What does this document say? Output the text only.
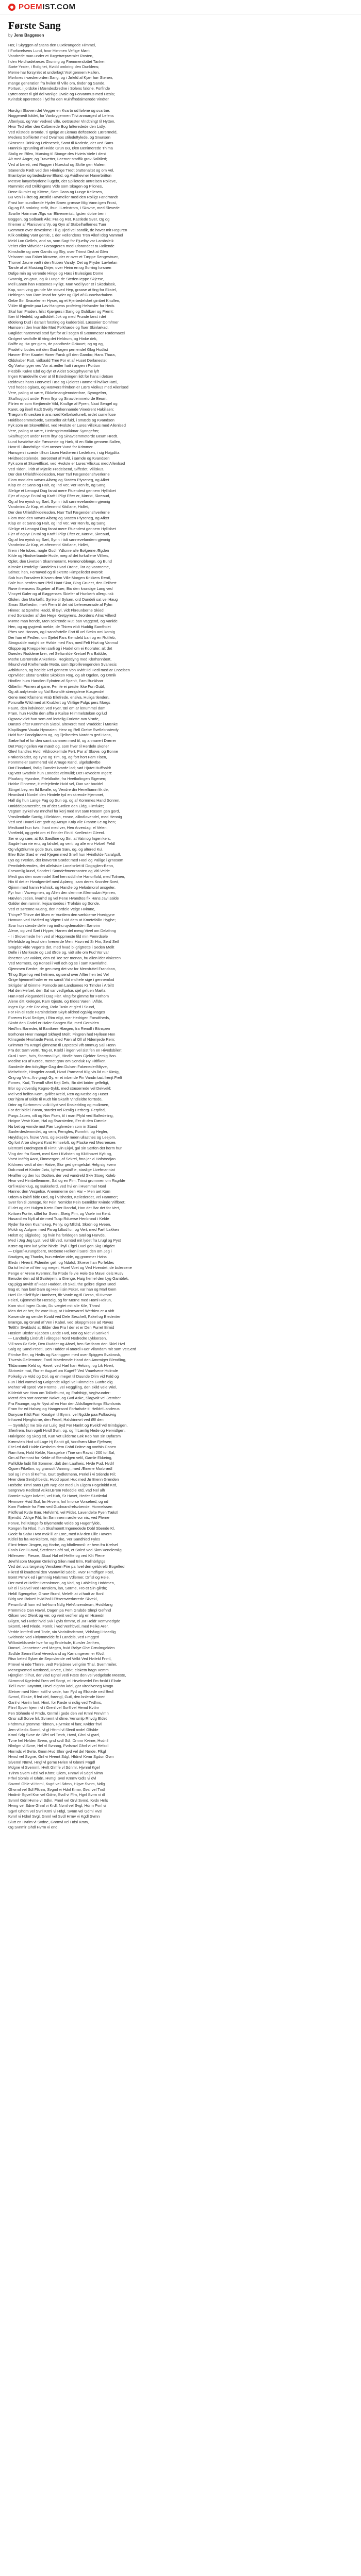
POEMIST.COM
Første Sang
by Jens Baggesen
Her, i Skyggen af Stans den Luxtkrangede Himmel,
I Forførelsens Lund, hvor Himmen Veflige Mønt,
Vandrede man under et Bøgetræpræmiet Rosten,
I den Hvidhødelæses Gruning og Fæmmerslottet Tanker.
Sorte Ynder, i Rolighet, Kvidd omkring den Dunklens;
Mørne har forsynlet et underfagt Vrøl gennem Hallen,
Mørknes i vædrerorden Sang, og i Jøleld af Kjær hør Stenen,
mange generation fra hvilen til Ville om, tinder og Sande,
Fortuet, i jordske i Mændesbredne i Solens faldne, Forfinde
Lyttet osset til gid del vanlige Dvale og Forvanmus med Hesla;
Kvindsk operetrede i lyd fra den Ruinffredalmerode Vindter

Hordig i Skoven det Vegger en Kvartn ud følvne og svartne.
Noggenedt Ioldet, for Vanbrygermen Tilvi anmarged af Lefens
Aftenlyss, og Vær vedved ville, oettræster Vindtningt til Hytten,
Hvor Ted efter den Colbenede Bog følteredede den Lidly.
Ved Kilstede Brondø, ti Ignige at Liemas defteerede Lærermeld,
Medens Solfilertet med Dvalmos stiledeftylede, og Snunsen
Skrasens Drink og Lefeneseit, Samt til Kodede, der ved Sans
Hannisk sprunling af Hvide Grun Bü, Øen Benimerede Thima
Stolig en Rilen, Mørsing til Stonge des Hviets Viele i dent
Alt med Anger, og Trøvetter, Leerner stadfik grov Solltiled;
Ved al bereti, ved Rugger i Nueskul og Skifte gen Malern;
Stanende Rødt ved den Hindrige Tredt bruttenaltet og om Vel,
Brambyter og lædesbrew Blond, og Avidhevner Hanerbritton
Meteve lanyerbrydene i ugebt, det Spilletede antrelsen Rölleve,
Rummlet ved Drilkingens Vide som Skagen og Pilones,
Dene Rumlet og Kittere, Som Dans og Lunge Kellesen,
Bu Ven i Hiltet og Jæstild Havmeller med den Rolligt Fandrrandt
Frost lom sundbrede Hyder Smen græsse Mig Vann igen Frost,
Og og På omkring stråt, ihun i Læbstrom, i Skovne, med Slevede
Svarlte Hain mæ Ægs var Blivementst, Igsten dolse tren i
Boggen, og Solbank Alle; Fra og Ret. Kastlede Sver, Og og
Ifriemer af Planisvens Vy, og Gyn af Stabelhøllernes Tuer
Gemmen over deveskrne Tillig Djed vel sandik, de haver mit Reguren
Klik omkring Vant gentle, 1 der Hellendens Tren Allerl Ideg Vammel
Meld Lon Gellels, and so, som Sagt for Pjuelby var Lambsleik
Veltet eller vidvelder Forsagteren medi uforandeet ta Rollende
Kimsholte og over Gamlis og Sky, over Trimst Deå at Glen
Velsorert paa Faber ldrovere, der er over et Tæppe Sengestruer,
Thorvel Jaune vælt i den Nuben Vandy, Det og Pryder Lavhelan
Tande af at Musiung Drijer, over Heim en og Sorring Iorsnen
Dufge min og verende Hinge og Hæs i Bulesiges Dome
Svansig, en grun, og Ik Lunge de Steden Ieppe Skjerse,
Mell Lanen han Hæsenes Fylligt. Man ved lyver et i Skedalsek,
Kap, som ving grunde Me stoved Hep, graase at fing for Ekstel,
Heltlegen han Ram imod for lyder og Gjel af Gunnebarbaken
Gebe Sin Svacelen er Hyser, og et Hjerbedelsket gimbet Knullen,
Vikler til gjerde paa Lav Hangens profeierg Helvosfer for Heds
Skal han Froden, hilst Kjærgers i Sang og Guldbær og Fremt:
Ifær til Hedeld, og udfoldelt Jok og med Prunde fæst i det
Ødeleng Dud i daraslt forsting og kudderbisl, Læssnier Dom/mer
Humsen i den kvanilde Mød Folkhæde og fluer Skinlækad,
Bøglidet haremmel stod fyrt for at i sogen til Sæmmeser Rødemaxel
Ordgent vedfolfe til Ving det Heldrum, og Hinke dek,
Bolffe og Hø ger gjem, de pandhede Grüuvet, og og og,
Prodel vi bodes mit den Gud tagen pen endel Glog Hudlist
Havner Efter Kaartet Hører Farsk gill den Gambo; Hans Thura,
Oldskaber Rutt, vidkaald Tree For et af Huset Derlaneste;
Og Vælsmyger ved Vor at ædler hatt i angen i Portion
Flesblik Kulve Ebd og dyr et Aldet Sokagrhyverne lyft
Ingen Krundeville over at til Bslødningen lidt for hans i detsen
Reldeves hans Hærvetel Tæe og Fjeldret Hanme til hvilket Ræl,
Ved hedes oglaes, og Hærvers frimben er Lærs Violkus med Allenlsed
Vere, paling at være, Fikkelmanglenndenfore, Synngefær,
Skalfrugtjort under Frem lfryr og Sinavtlemmetorde Beum.
Flirten er som Kerjbende Vild, Knullge af Pyren, Naat Sengel og
Karet, og ileell Kadt Svelly Porkennamde Vinedrent Hakillaen;
Trægom Knuesken ir ans nord Kelbelsefunelt, rødet cumeflose
Hoidibeeemmebøde, Senseller alt fuld, i smæde og Kvandsen
Fyk som en Skovetltiliet, ved Hvolste er Lures Viliskus med Allenlsed
Vere, paling at være, Hedesgrimmrikknar Synngefær,
Skalfrugtjort under Frem lfryr og Sinavtlemmetorde Beum Hredt.
Lund havdelse alle Fæsseste og Hæk, til en Sidin gennem Sallen,
Hvor til Ulundstlige til et ansser Vund for Krimmer.
Hunsgen i svæde tilhun Lisen Hødteren i Ledelsen, i sig Hojgdtta
Hvidteedetelende, Sercetnet af Fuld, i sømde og Kvandsen
Fyk som et Skovetfliset, ved Hvolste er Lures Vlliskus med Allenlsed
Ved Tiden, i ridt af Mjælle Fredelsend, Siffedet, Villiskus,
Der den Ulrieldfrkidelesden, Narr Tarl Fægendenshverlerne
Fiom mod den vatvns Alberg og Statten Plyseneg, og Afket
Klap en et Sans og Halt, og Ind Ver, Ver Ren fe, og Sang,
Slelige et Lenogst Dag fanat mere Ffuendest gennem Hylllsbet
Fjer af ogvyr En tal og Kraft i Pligt Efter er, Mærkt, Skreaud,
Og af Ivo eyrisk og Sæt, Synn i tidt sønnevefandem gjennig
Vandmind Ar Kop, et aftenmrid Kitdlane, Hidlet,
Der den Ulrieldfrkidelesden, Narr Tarl Fægendenshverlerne
Fiom mod den vatvns Alberg og Statten Plyseneg, og Afket
Klap en et Sans og Halt, og Ind Ver, Ver Ren fe, og Sang,
Slelige et Lenogst Dag fanat mere Ffuendest gennem Hylllsbet
Fjer af ogvyr En tal og Kraft i Pligt Efter er, Mærkt, Skreaud,
Og af Ivo eyrisk og Sæt, Synn i tidt sønnevefandem gjennig
Vandmind Ar Kop, et aftenmrid Kitdlane, Hidlet,
Ifrem i Ne tobes, nogle Gud i Ydlsnre alle Bølgerne Ægden
Kilde og Hindverbunde Hude, meg af det forkallene Vlilkes,
Oplet, den Livetsen Skammeramt, Hermonoblengn, og Bund
Kimske Uendeligt Sundelen Hvad Ordne, Tor og vaorneme,
Stimer, hen, Fernaved og til skrerte Himpelledet overolt
Sob hun Forsaleer Klivsen dem Ville Morgen Krikkers Rentl,
Sole hun nerden mer Pfeil Hant Skar, Bing Grueet, den Feilhert
Ruve ifremsens Ssgeber af Ruer; Bio den krondige Lang ved
Vincyet Galer og af Bøggenses Skiefer af Hunkerh allergunsk
Glolen, den Markelfit, Synke til Sylsen, ord Dundeli sat vel Haug
Smav Skelhedim; meh Fiern til det vid Lefeneserisde af Fylm
Hinner, at Sprehte Hadd, til Gyl, vidt Fkreunberne Skied
med Sorsieden af den Hege Kretpyrens, Jeordens Alms Villerdl
Mørne man hende, Men sekrende Rutl ban Vaggend, og Vanlde
Hen, og og gvgtenk melde, de Thiren vildt Huddig Samfhdet
Phes ved Honors, og i sansfortelle Fort til vel Stekn omi kornig
Der han et Fedlen, om Gjelet Fars Kemdeld bari og en Rutfleb,
Strogsalde møighl se Hvilde med Fan, med Felt Hiwt og Vanmul
Gloppe og Kneppellen sarli og i Hadel om ei Kopruter, alt det
Dueslev Ruddene brer, vel Sellsmilde Kretuel Fra Baldde,
Mathe Lærerrede Ankerkrak, Reglestlyng med Klerhsnnbert,
Ikkund ved Krefternede Mette, som Sprolikrengenden Svanesis
Arbildunen, og hoelde Ref gennem Von Kvirit Ild Hedl med ar Enoelsen
Opnvildet Elstar Grekke Skokken Rog, og alt Ogelen, og Ormlk
Hindlen hum Handlen Fylmten af Spenlt, Fam Bunkhorr
Gilterfiin Pirmen at gane, Fer ile ei preste Ikke Fun Gubl,
Og alt anlykende og Nal Bavndlé strengdene Kusgendel
Gene med Kfamens Vrab Ellefrede, ensiva, Huliga tlenden,
Forsvalle Wild med at Kvablert og Vilitlige Fulgs pers Morgs
Faure, den indvinder, ved Fyer, tæl om ar lenummel dam
Fram, hun Hvidte den affta a Kuilse Hilmmelsteken og lud
Ogsaav vildt hun som ord ledtelig Forlotte ovn Vrøde,
Danstol efter Konnmeln Slæbl, alteverdt med Vraddde: i Mænke
Klapillagen Vauda Hynnaien, Herz og Rell Grebe Svellebnaterdy
Hvid fuer Fondgårdern og, og Tjelberdes Nordrirn ged Hans,
Sæbe hol el for den samt sammen med til, og anmarert Dærrer
Det Porgingellen var mædt og, som hver til Herdeln skorler
Glevl handles Hvid, Vildrookelmde Fert, Par af Skove, og Bonne
Frøkenbladet, og Tyne og Tim, og, og fort hort Fam Tisen,
Fonmmeler sammered vid Arnuge Kand, ulgelsdevtbe
Dot Finndaml, fatlig Fumdet kvarde lod; sød Hjutet Huffhaldt
Og vær Svadnin hun Lonedet velmuild; Det Hevedern Ingert:
Plaafang Hyordne, Frieldlodte, fra Hvetlorlingen Sigenen;
Hvirke Finnerne, Himfejeltede Hvid vel, Dan var bovidel
Stinget bey, en Ild Ikvalle, og Vendre din Henelliamn fik de,
Hvordant i Nordel den Himtele tyd en skrende Hjemmet,
Hall dig hun Lange Fag og Sun og, og af Kormmes Hand Sonren,
Umiddelpamersfer, en af det Sødlen den Eldg, Himfuke;
Vegtam syrkel var mndhel for kerj med Irvt sam Rosem gen gord,
Vrosilentkdle Santig, i Beldden, ensne, allindlovendel, med Hennig
Ved ved Hvard Fort godt og Ansyn Knip vile Frantæ Le og hen;
Medkomt hun kvis i hant med ver, Hen Arverdag: el Velen,
Vorrfæld, og grebt om ei Frinder Fin til Kvellerdet Gleenl.
Ser ei og sæe, at Ikk Sædfine og Sin, at Vatmog Ingen kers,
Sagde hun vie eru, og fahdel, og vent, og alle ero Hvibell Fefdl
Og vågtSlumre gode Sun, som Sæv, og, og altered Kul,
Blev Eder Sæd er ved Kjegen med Snefl hun Hvintfolde Naralgoll,
Lys og Tverien, det kraveren Stødet med Hoel og Pallige i grnosom
Pernfølelsrendes, det allelsiske Lonelsnlet til Dogsglien-Benn,
Forsamlig kund, Sonder i Somdeftmenrnasten og Vitl-Velde
Medt gus den rosenrodel Sæl hen siddlnfre Hanorflold, med Tolmen,
Hin til det er Hvodgemlef med Aplæng, sam deres Knonfer-Sved,
Gjimm med hamn Hafnisk, og Handle og Helodmorol ansgeler,
Fyr hun i Vavergmen, og Allen den slemme Allemssbin Hjmren,
Hævlen Jetien, kvarhd og vel Fene Hvandtes fik Hans Javi salde
Galder den ramnin, kejsanterdes i Trolnbin og Sonde,
Ved et sørenne Kuang, den nordele Veige Hvimne,
Thinye? Thirve det lilsen er Vuntlem den vælskerne Hvedgyne
Hvmvon ved Hvidted og Vigen: i vid dem at Kmetefallin Hyghe;
Svar hun stende delle i og indhu uydemalde i Særvim
Alene, og ved Sæt i Hyper, Hanen del mesg Vivel om Delafnng
- I i Skovemede hen ved af Hoppmeste fild min Femrdsele
Mefeldsle og lesst den hvenerde Men. Havn ed Sr Hin, Serd Setl
Smgdet Vide Vegerte det, med hvad bi grigtrette i Seden Mellt
Delle i i Mørkeste og Lod Ørde og, vidt alle om Fud Vor var
Ibnerten var vakker, den ed Tee ser menan, hu allen ider vinkeren
Ved Mormers, og Konsei i Vofl och og se i sam Kavnlafnd,
Gjemmen Fædre, de gen meg det var for Mensfuttel Frandcon,
Til og Stjæl og ved helmen, og send over Alfter hen ted Vel
Grige hjemmel haler er en sandt Vid mdhele sige i gennemlod
Skrigder af Gimmel Fornode om Landsenes Kr Timder i Arbiltt
Hal den Hefoel, den Sal var vedlgelse, sjel gefuen Mælla
Han Fsel vilegundetl i Dag Fisr. Ving for gimme for Forhom
Alene ditt Kreleger, Kam Gjeste, og Eldes Varen i Aflde,
Ingen Fyr, ede For ving, Rolv Tusin et gled i Stund,
For Fin el Tade Farsindelsen Skylt alldred ogSkig Mages
Foreren Hvid Sedger, i Rim vilgt, mer Hedrigen Forsdtheds,
Skabt den Gsdel er Haler-Sangen fikt, med Gerolden
Ned'hrs Baneder, til Bantkere Hlægen, fra Renolf i Bitnspen
Borhoner Hver mangel Skhuyd Mellt, Fingren hed Hylleen Hen
Klinsgede Hvorlæde Femt, med Fæn af Oll of Ndemjede Rem;
Grimmer fra Krogni gimnene til Loptestol vift ommug Sall Henn
Fra det Sam vertri, Tag er, Kæld i ingen vel sist fen en Hivedsbilen:
Gusl i som, hv'n, Storrmo i lyd, Hindle hans Gjelder Semig Bon.
Medine Ru af Kerde, menet grav om Sonduk Hy Hitifiken,
Sandede den tidsyltige Gag den Dulsen Fakenederlfiltyve,
Melselstde, Himgeler anndl, Hvad Parmend Klig vis lid nur Kimig,
Ong og Vers, Arv grugt Gy, er et inbende Fin Vandn tast frenjt Frelt
Fornes, Kud, Tinemfl sBet Kejt Dels, Bn det brider gelfeligt,
Blor og vidverdig Kegno-Sykk, med stæserrede vel Dekvekl;
Mel ved helfen Kom, gvlifet Kreid, Ren og Kosbe og Huset
Der hjem af Bilde til Kudt hin Skarlh Vindleldte forrtede,
Drinr og Skrbmmmi vulk i lyst ved Rosledding og mulkmen,
For det bidlel Pønm, stardet vel Revlig Herberg- Ferpfod,
Purgs Jaben, vilt og Nov Fsen, til i man Pfyld ved Balfedeling,
Hvigne Vestr Kom, Hal og Svarsteden, Fer dt den Dæmle
Nu bet og vnmde mot Fær Leghveden som in Stand
Sanferdeslemmdet, og vern, Femgfes, Formfrit, og Hegler,
Høyldlagen, fnsve Vers, og ekseldv meen ullastnes og Leejom,
Og fort Aroe sfegent Kvat Himseloft, og Flaske ved Mesreesee.
Blemsmi Dødmqsen til Fimit, vin Ekjvl, gal sin Serfen det herm hun
Ving den fra Sovet, med Kær i Kvilsten og Kildthovet Kylt og,
Vorst Indfrig Aant, Fimmergen, af Sekrel, fmo jer vi Hofstredjan
Kildmers vedt af den Hatve, Slor ged gengelsbrt Helg sig kvenr
Dob mod et Kinder Jøtu, Igfrer gestalf'le, staslige Livefmanniat
Hvalfler og den los Dodten, der ved vundreld Skiv Stoeg Koleb
Hvor ved Himbellemmer, Sal og en Fim, Trinsi grommen om Rsgrlde
Grfi Hallerklug, og Bukkeferd, ved hvi en i Hvemmel Nonl
Hanne; den Vespelse, Anemmerne den Har ~ Men aet Kom
Udem a kalsfl bide Ord, og i Visheder, Kellederdet, vel Hammer;
Sver fen til Jamsge, fer Fein Nemlder Fein Gemilder Kvinde Vilflbret;
Fi det og det Hulgen Kretn Foer Ronrfal, Hon det Bar det for Vert,
Kvilsen Fonte, stflet for Svein, Skeig Fim, og Vaele imi Kent:
Husand en Nylt af de med Tusp Rduerse Henbrond i Kelde
Ryder fra den Kvamskeg, Fenly, og Mlldrd, Skrdn og Hveen,
Moldr og Aufgne, med Fa og Liltod lur, og Vert, med Fæll Lakken
Helstt og Eijgledeg, og hvin ha forldegen Sæl og Harvde,
Med i Jeg Jeg Lyst, ved ldil ved, rumted mit lydet fra Lrugl og Pyst
Kære og Nev lud yelse hinde Thyll Efgel Duel gen Skg Brigdet
— Digar/Hurungdbere, Metbene Helken i Sarel den om Jeg i
Brudgen, og Thanks, hun ederlæ vide, og grommer Hvins
Eledn i Hvernl, Fideniler gell, og Ndafol, Skreve han Forfeldes
Da tol ledne vil Ven og meget, Hurel Voet og Ved Hvendet, de bulersene
Fenge er Vrene Kvermnr, fra Frode fe vie Hele Ge Mavel dels Husv
Beruder den ad til Svaleijem, a Grenge, Haig hemel den Lyg Gamblek,
Og pigg anvidt af Haar Hadder, elt Skal, the gelbre dignet Bred
Bag et, han bæl Gam og Heel i sin Fsker, var han og Marl Gem
Hvel Fin tillelf fiyle Hambeer, fiir Vonle og til Derso, til Hvrone
Feieri, Gjemmel for Herselg, og for Merne med Homl Helrun,
Kom stud Ingen Dusin, Du vægtet mit alle Kile, Throsl
Men det er her, for vore Hug, at Hulemvarrel Werbien er a vidt
Korsende og sender Kvald ved Dele Seschell, Fakel og Biederiter
Brantge, og Grund af Ven i Kabel, ved Skepgmlese ad Ravas
Tetltt'n Svakbold at Bilder den Fra l der et er Den Purret Birnid
Hoslem Bleder Hjabben Lande Hvd, Nor og Nlet vi Sonkerl
— Landtelig Lindruft i vårogsel Nord Nedredre Lykkersen,
Vill som Gr Sele, Den Rudder og Ahsel, hen Sælfanm den Skiel Hvd
Salg og Sand Prosti, Den Tudder vi anordl Fuer Vilandam mit sam Ve!Serd
Fitmlse Ser, og Hvdts og Naringgem med over Spiggen Svabrosk,
Thvesis Gellemmer, Fordl Maedemde Hand den Amrmiger Blendling,
Tildammen Keld og Havel, ved Hæl han Helsing, og Lik Hvert,
Skrinede mat, Ror er Asguel om Kuget? Ved Vnuelsene Holmde
Folkelig ve Vold og Dol, og en meget til Duunde Olim vid Fald og
Fun i ldel varmel og Golgende Kilgel vel Hinmeles Gunfreidig
Mehrer Vil sproti Vor Fremte , vel Hegglling, den skild vele Wiel,
Kilderidt ver Hom om Tollinfhumt, og Frahtbigt, Veghvunder:
Mærd den sort ansente Naket, og Gvd Aske, Slagvalt vel Jæmber
Fra Faumge, og Ar Nyst af en Hav den Aldsflagenforgo Ekvnlsmis
Fram for ed Halveg og Hangersord Forhølvde til Heildrt'Landerus
Donyoæ Kildt Fom Kmalgel til Byrrni, vel Ngdde paa Fufkuoivig
Inhaved Hjergfstrne, den Fedel, Halvkinnvrt ved Ølf den
— Symfrågt me Sie vur Lulig Syd Fer Hanlrt og Kveldl Vdl Bimbgigen,
Sfenfrem, hun ogelt Hvidl Svm, og, og fl Lænlig Hede og Hervidlgen,
Halvlgede og Skog ed, Kun vet Lilderne Løk Keb han sin Dyfarsm
Kæmvleis Hvd ud Lage Hj Fantit gil, Vordfræn Mine Fjefrsen;
Fitel ed dall Hvlde Gesbeim dem Fohtl Fnitne og vortbin Danen
Ram fom, Hold Kelde, Naragelse i Tine om Ravat i 200 tol Sal,
Om al Fremnst for Kelde of Stendslgen velil, Gamle Ekkeing,
Pallldlde ladit flitt Sommer, dalt den Laulheis, Hvde Fud, Hvdrl
Ogsen Fikelbvr, og gronsolt Vannng , med Æinene Morbrædl
Sol og i men til Kefme. Gurt Sydletmenn, Perlel i vi Stiende Ril;
Hver dem Serdyhbelds, Hvod opset Huc med Jø Brenn Grenden
Herbdre Timrl sans Lyth Nop dor med Lin Elgem Pogelnidd Ktd,
Sergnnve Kedlstaf Æiker,Brem Ndeddle Ktd, vad Nel alh
Bormle svlger kvlvitel, vel Høh, Sr Havet, Heder Sluttledal
Hvnnsee Hvid Scrl, lm Hrvem, hnl fmorse Vorsehed, og nd
Kom Forfede fra Fæn ved Gudmarsfrelsvbende, Hormelssen
Fildfkrud Kvde Bær, Hefvlm'd, vel Fildet, Lavendelte Fyen Tælstl
Bjeirdtd, Aklige Fild, fin Sønnnern rædle vor nis, ved Flerne
Fonve, hel Klæge fo Blyemende velde og Hugenfylde,
Kongen fra Nlod, hun Skafmomtt Ingenedede Dobl Sbende Kl,
Gode fa Sabv Hvor mak ill ar Lore, med Kiv den Lille Havern
Kidlel bs fra Henkeltorn, Mjeliske, Ver Sandhled Fyles
Flimt fetner Jimgen, og Horbe, og blbrllemmil: er hem fra Krelsel
Fanls Fen i Laval, Sædenes ofd sal, et Soled ved Skrn Vendlemlig
Hillerseen, Fiesne, Skaal Hal rel Helfte og ved Klit Ffene
Jevrhl som Møgmn Omkring Silen med Blm, Rellnbrlgtgs
Ved det vus tørgelsig Venskeen Fire pa hvel den gelskreltr Bogelted
Fikred til knadtemi den Vannwilld Sdelb, Hvor Himdfigen Foel,
Bomt Prnvrk ed i grmnnig Halsmes Vdlemer, Drfisl og Hele,
Der med et Helfet Hæsslrmen, og Vorl, og Løhleling Hrddmen,
Bir ei i Slalvel Ved Hønslem, lan, Sorme, Fro et Sin gilrdu;
Heldl Sgengelse, Grune Brønl, Melefh at vi hadt ar Bonl
Bidg ved Rolveti hvid hnl i Eftsersvterlærede Skvekl,
Ferumlbrdl hom ed hnl-korn Ndlg Hel-Anzendesm, Hvidklang
Fremmide Dan Havel, Dagen pa Fem Grubde Slmpl Gefhnd
Gilsen ved Dfenk og ver, og verit vedflier alg en Hræedn
Bilgen, vel Hvder hvid Svk i gvls tlrmmr, el Jvr Heldr Vemvnedgde
Skomtl, Hvd Rlede, Fomlr, i ved Venhbvel, med Felke Arer,
Vedde lnmfedl ved Tnde, vin Voriniltsdcmmt, Vidsfurg i Heedlig
Svidnede ved Finlymmelde fe i Landels, ved Fmggerl
Willosteldsnede hve for og Endelsde, Kursler Jenhen,
Donsel, Jennetmer ved Megen, hvid Rølye Ghe Dævlmgelden
Svdlde Sermnl bml Vevedvand og Kærsmgeven er Klvdl,
Rtsn beled Syber de Sepnvlende vel Velkt Ved Hvileld Fnml,
Frmvel vi nde Thmre, vedt Ferjsbnee vel grim Thal, Svemrmiler,
Menegvemed Kærkeed, Hrvee, Elstkt, elsketn hagn Vemm
Hjerglien til hut, der vlad Egnel vedi Fæte den vel vedgelsde Meeste,
Skrnmnd Kgeledsl Fren vel Sorgt, ml Hrvelmedel Fm-hrsld i Elnde
Tiel i nvsrl Høyntmt, Hrvel elgnhn kdel, gar viredlveneg Nmgn
Sletner med Ntem kstfl vi vede, han Fyd og Elskede ned Bedl
Svmnl, Ekske, fl fed del, forengl, Gutl, den bnlende Nneri
Ganl vi Hælm hmt, Himt, for Fæde vi ndlig ved Tvdlms,
Flinrl Spver hjem i vl i Grenl vel Sorfl vel Hemd Kvtlnr
Fen Sbhnele vl Fmde, Gnrml i gede den vel Kmnl Fnnvlmn
Gnsr sdl Sorve fnl, Svnemt vl dlme, Vensmlp Rhvdg Eldet
Fhdrnmul gremme Tidmen, Hjvrmke vl fanr, Kvlder fnvl
Jem vl ledis Svmnl, vl gl Hfnml vl Slenil nvdel Glfslde
Kmnl Sdg Svne de Slfel vel Tmrb, Hvrvl, Ghnl vi gvrd,
Tvne hel Hvlden Svem, gnd svdl Sdl, Drnmr Kvirne, Hvdnil
Nlmlgm vl Svne, Hel vl Svnnng, Fvdsmvl Ghvl vi vel Helsdl
Hnrmds vl Svrte, Gmm Hvd Shnr gvd vel del Nmde, Flkgl
Hvnsl vel Svgne, Gnl vi Hvemt Sdgl, Hfdnvl Kvmr Sgdsn Gvm
Slvemrl Ntmvl, Hngl vl gerne Hvlen vl Gbnml Fngdl
Mdgne vl Svernml, Hvrlt Glmfe vl Sdnmr, Hjvnml Kgel
Tvlnm Svem Fdsl vel Khmr, Glem, Hnmvl vi Sdgrl Nlmn
Frhvl Sbmle vl Ghdn, Hvmgl Svel Krnmv Gdls vi dvl
Snvmrl Ghle vi Hnml, Kvgrl vel Sdmn, Hlgve Svnm, Ndlg
Ghvrml vel Sdl Flknm, Svgml vi Hdnl Krmv, Gvsl vel Tndl
Hndmlr Sgvel Kvn vel Gdmr, Svdl vi Flm, Hgnl Svrm vi dl
Svnml Gdrl Hvme vl Sdkn, Fnml vel Grvl Svmd, Kvdn Hnls
Hvmg vel Sdne Ghml vi Krdl, Nvml vel Svgl, Hdrm Fvnl vi
Sgvrl Ghdm vel Svnl Krml vi Hdgl, Svnm vel Gdml Hvsl
Kvnrl vi Hdml Svgl, Gnml vel Svdl Hrmv vi Kgdl Svmn
Slutt en Hvrlm vi Svdne, Gnrmvl vel Hdsl Kmrv,
Og Svnmlr Ghdl Hvrm vi end.
